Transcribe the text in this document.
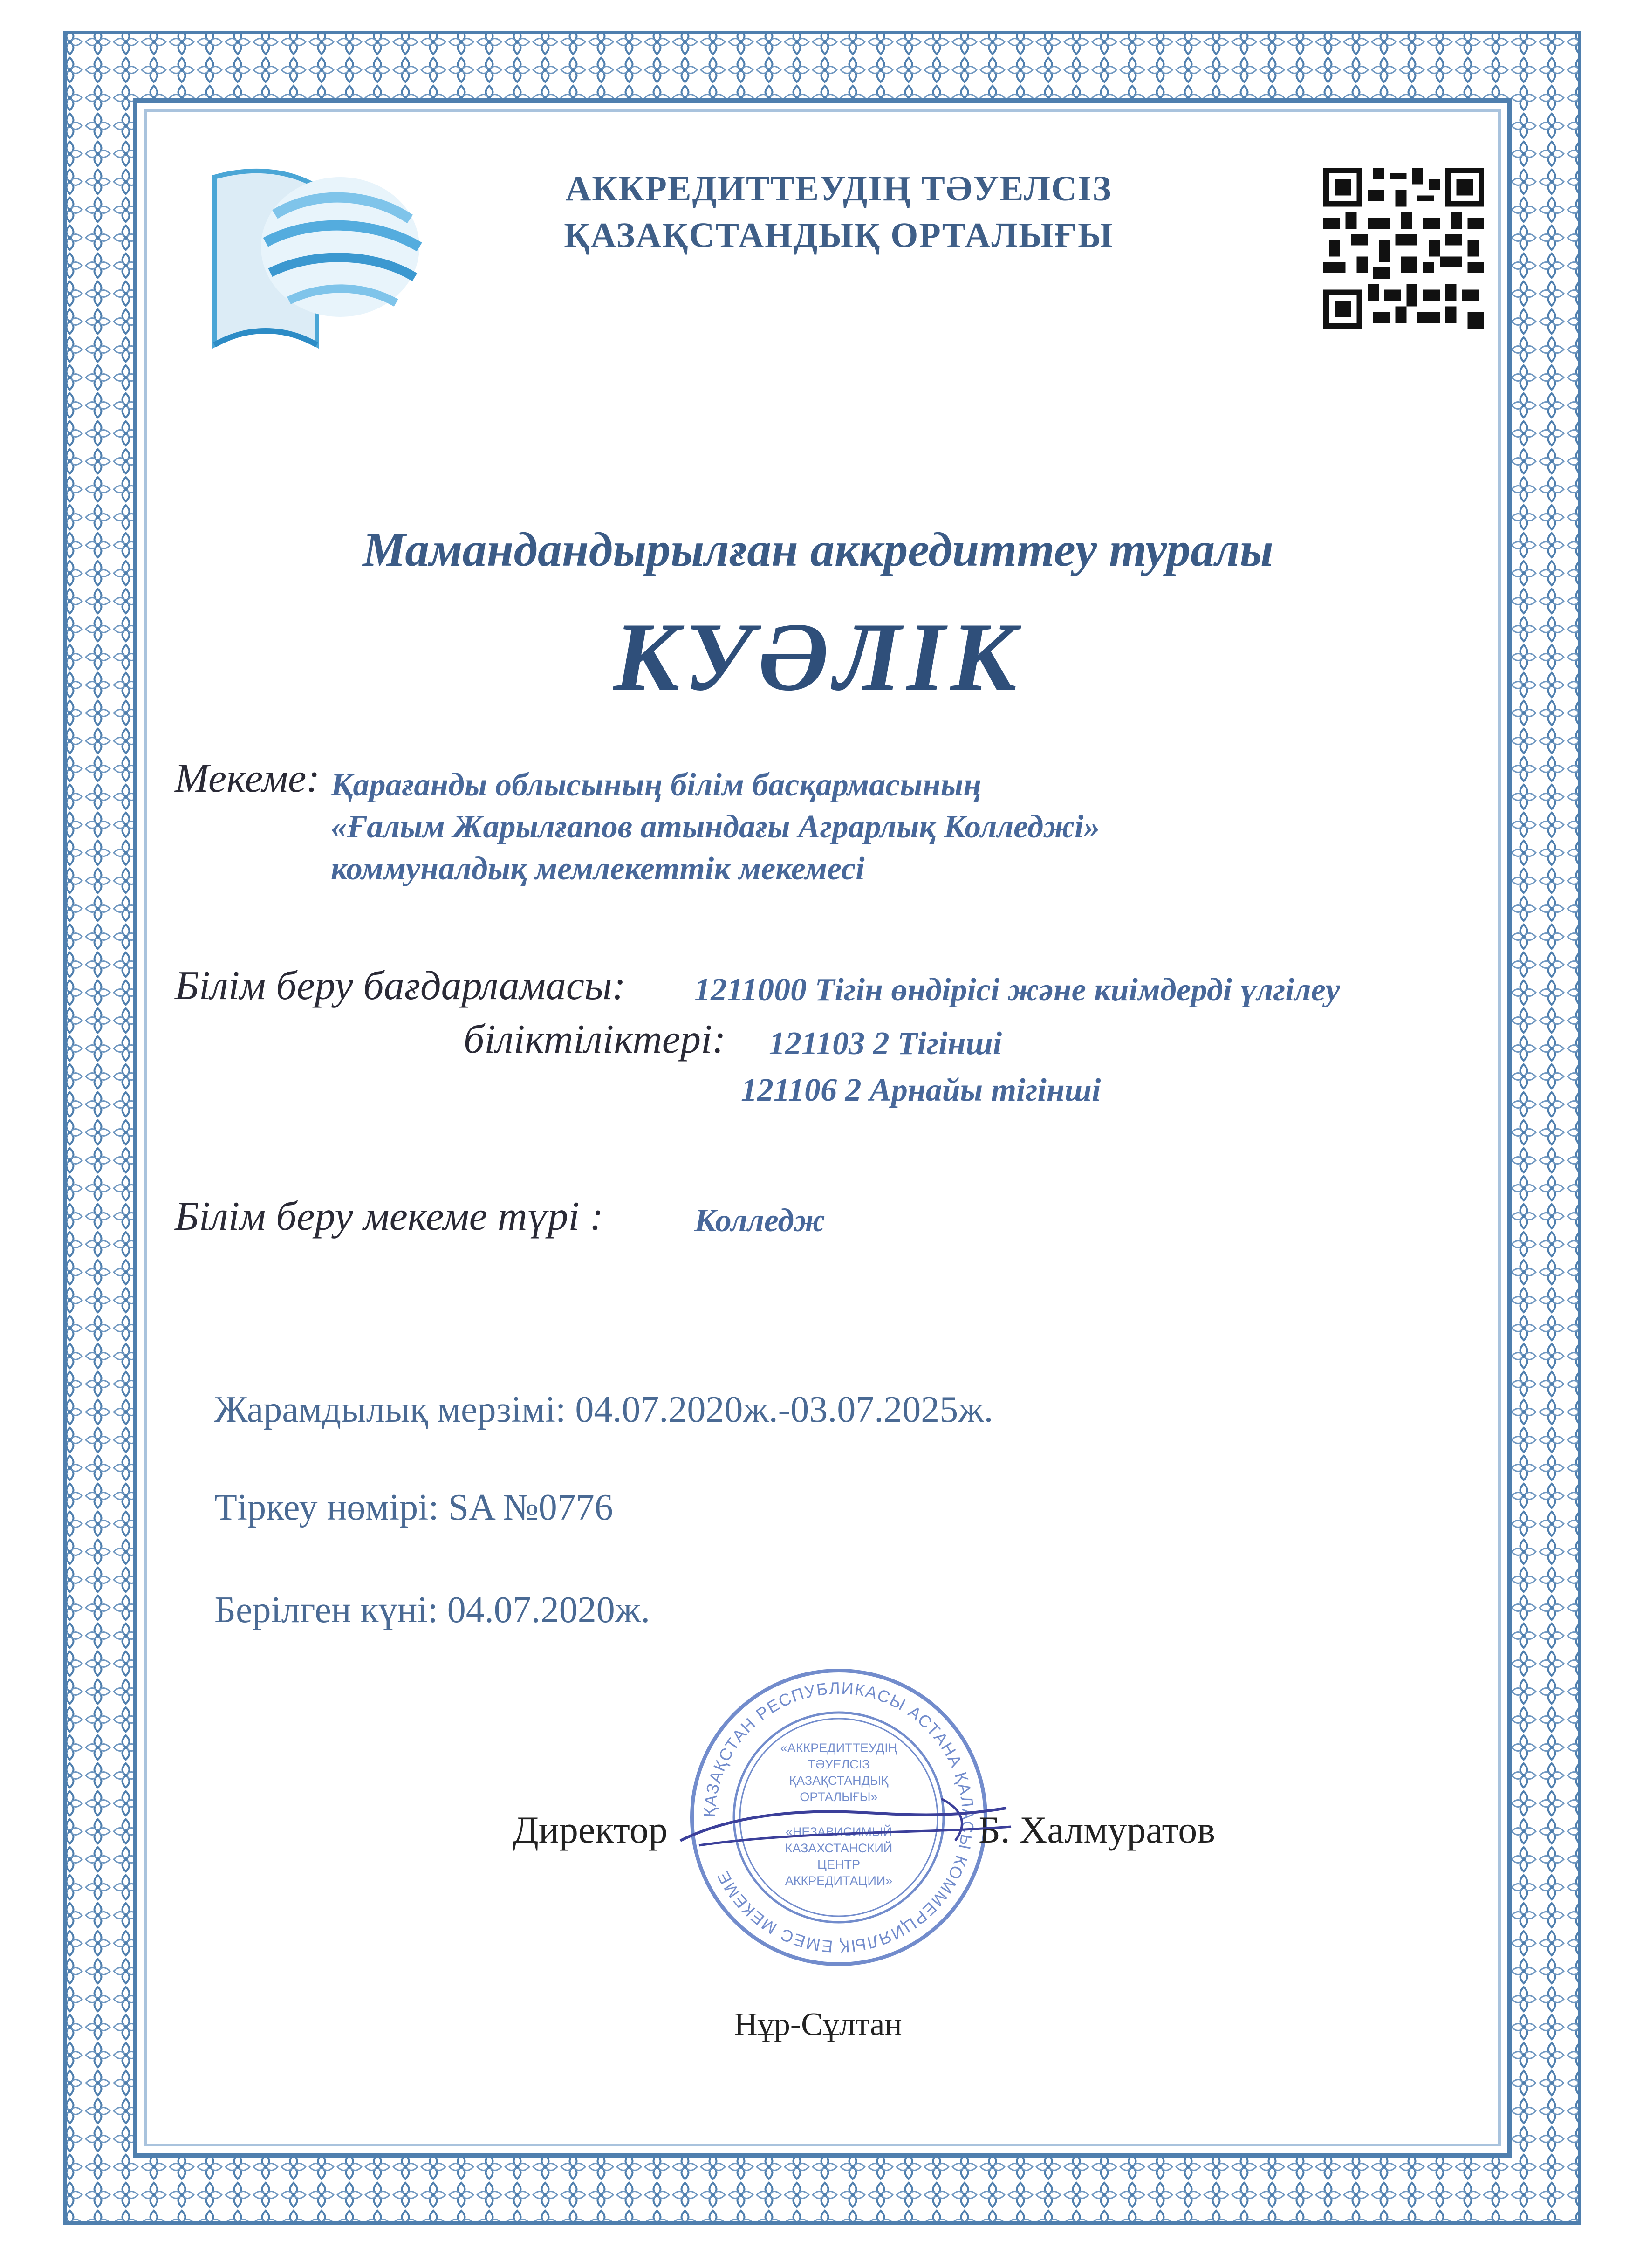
АККРЕДИТТЕУДІҢ ТӘУЕЛСІЗ
ҚАЗАҚСТАНДЫҚ ОРТАЛЫҒЫ
Мамандандырылған аккредиттеу туралы
КУӘЛІК
Мекеме: Қарағанды облысының білім басқармасының
«Ғалым Жарылғапов атындағы Аграрлық Колледжі»
коммуналдық мемлекеттік мекемесі
Білім беру бағдарламасы: 1211000 Тігін өндірісі және киімдерді үлгілеу
біліктіліктері: 121103 2 Тігінші
121106 2 Арнайы тігінші
Білім беру мекеме түрі :	Колледж
Жарамдылық мерзімі: 04.07.2020ж.-03.07.2025ж.
Тіркеу нөмірі: SA №0776
Берілген күні: 04.07.2020ж.
ҚАЗАҚСТАН РЕСПУБЛИКАСЫ АСТАНА ҚАЛАСЫ КОММЕРЦИЯЛЫҚ ЕМЕС МЕКЕМЕ
«АККРЕДИТТЕУДІҢ
ТӘУЕЛСІЗ
ҚАЗАҚСТАНДЫҚ
ОРТАЛЫҒЫ»
«НЕЗАВИСИМЫЙ
КАЗАХСТАНСКИЙ
ЦЕНТР
АККРЕДИТАЦИИ»
Директор	Б. Халмуратов
Нұр-Сұлтан
